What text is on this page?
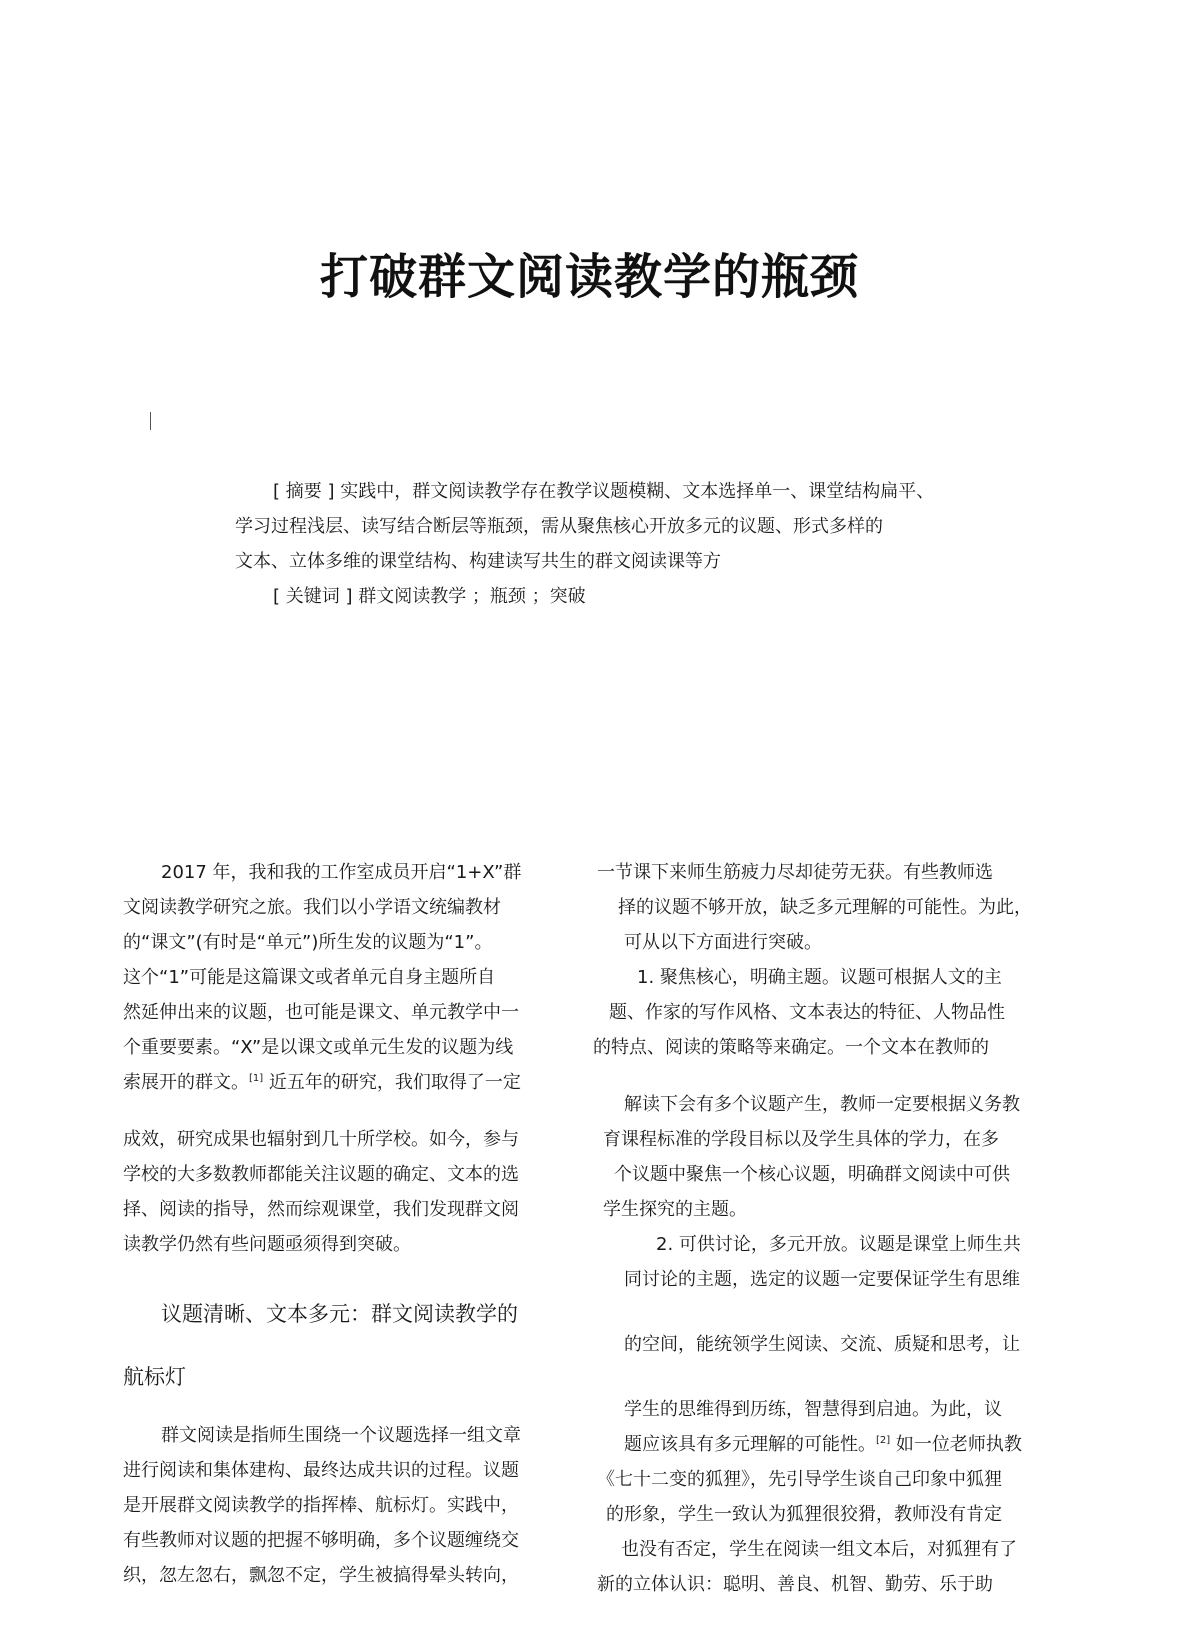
打破群文阅读教学的瓶颈
[ 摘要 ] 实践中，群文阅读教学存在教学议题模糊、文本选择单一、课堂结构扁平、
学习过程浅层、读写结合断层等瓶颈，需从聚焦核心开放多元的议题、形式多样的
文本、立体多维的课堂结构、构建读写共生的群文阅读课等方
[ 关键词 ] 群文阅读教学 ；瓶颈 ；突破
2017 年，我和我的工作室成员开启“1+X”群
文阅读教学研究之旅。我们以小学语文统编教材
的“课文”(有时是“单元”)所生发的议题为“1”。
这个“1”可能是这篇课文或者单元自身主题所自
然延伸出来的议题，也可能是课文、单元教学中一
个重要要素。“X”是以课文或单元生发的议题为线
索展开的群文。[1] 近五年的研究，我们取得了一定
成效，研究成果也辐射到几十所学校。如今，参与
学校的大多数教师都能关注议题的确定、文本的选
择、阅读的指导，然而综观课堂，我们发现群文阅
读教学仍然有些问题亟须得到突破。
议题清晰、文本多元：群文阅读教学的
航标灯
群文阅读是指师生围绕一个议题选择一组文章
进行阅读和集体建构、最终达成共识的过程。议题
是开展群文阅读教学的指挥棒、航标灯。实践中，
有些教师对议题的把握不够明确，多个议题缠绕交
织，忽左忽右，飘忽不定，学生被搞得晕头转向，
一节课下来师生筋疲力尽却徒劳无获。有些教师选
择的议题不够开放，缺乏多元理解的可能性。为此，
可从以下方面进行突破。
1. 聚焦核心，明确主题。议题可根据人文的主
题、作家的写作风格、文本表达的特征、人物品性
的特点、阅读的策略等来确定。一个文本在教师的
解读下会有多个议题产生，教师一定要根据义务教
育课程标准的学段目标以及学生具体的学力，在多
个议题中聚焦一个核心议题，明确群文阅读中可供
学生探究的主题。
2. 可供讨论，多元开放。议题是课堂上师生共
同讨论的主题，选定的议题一定要保证学生有思维
的空间，能统领学生阅读、交流、质疑和思考，让
学生的思维得到历练，智慧得到启迪。为此，议
题应该具有多元理解的可能性。[2] 如一位老师执教
《七十二变的狐狸》，先引导学生谈自己印象中狐狸
的形象，学生一致认为狐狸很狡猾，教师没有肯定
也没有否定，学生在阅读一组文本后，对狐狸有了
新的立体认识：聪明、善良、机智、勤劳、乐于助
